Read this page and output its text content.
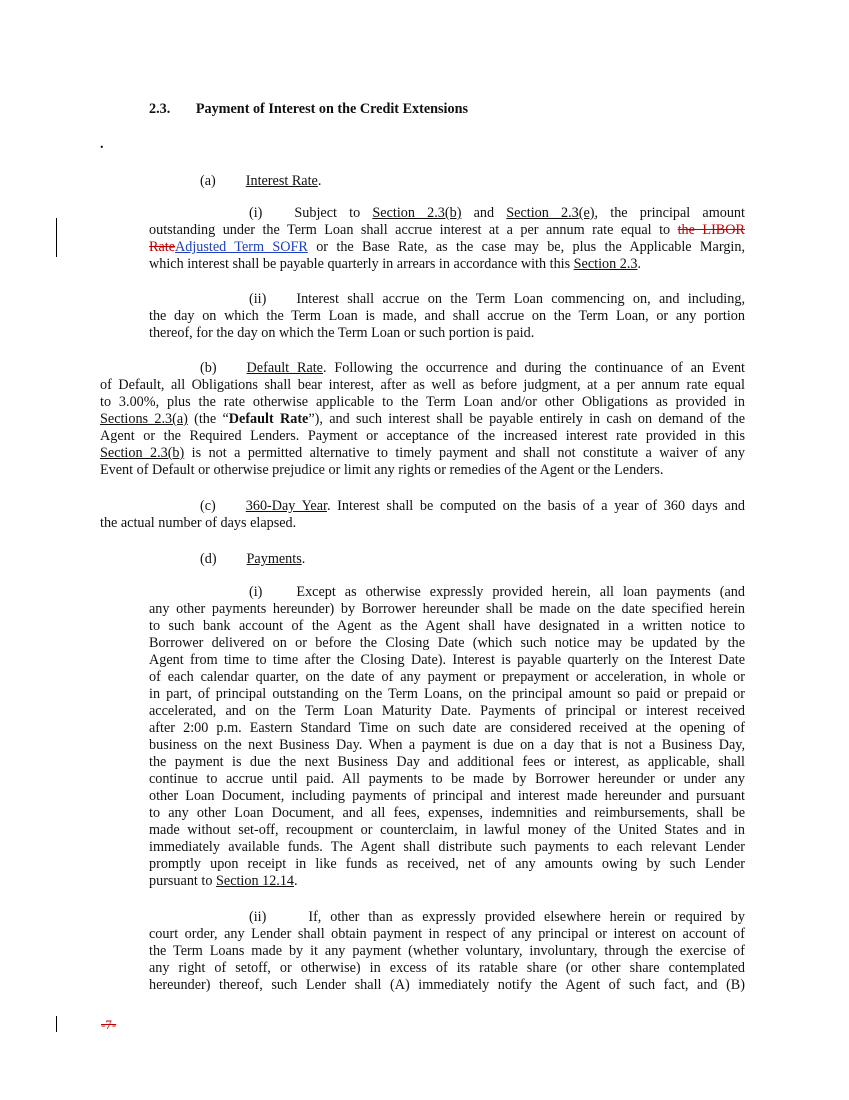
2.3. Payment of Interest on the Credit Extensions
.
(a) Interest Rate.
(i) Subject to Section 2.3(b) and Section 2.3(e), the principal amount
outstanding under the Term Loan shall accrue interest at a per annum rate equal to the LIBOR
RateAdjusted Term SOFR or the Base Rate, as the case may be, plus the Applicable Margin,
which interest shall be payable quarterly in arrears in accordance with this Section 2.3.
(ii) Interest shall accrue on the Term Loan commencing on, and including,
the day on which the Term Loan is made, and shall accrue on the Term Loan, or any portion
thereof, for the day on which the Term Loan or such portion is paid.
(b) Default Rate. Following the occurrence and during the continuance of an Event
of Default, all Obligations shall bear interest, after as well as before judgment, at a per annum rate equal
to 3.00%, plus the rate otherwise applicable to the Term Loan and/or other Obligations as provided in
Sections 2.3(a) (the “Default Rate”), and such interest shall be payable entirely in cash on demand of the
Agent or the Required Lenders. Payment or acceptance of the increased interest rate provided in this
Section 2.3(b) is not a permitted alternative to timely payment and shall not constitute a waiver of any
Event of Default or otherwise prejudice or limit any rights or remedies of the Agent or the Lenders.
(c) 360-Day Year. Interest shall be computed on the basis of a year of 360 days and
the actual number of days elapsed.
(d) Payments.
(i) Except as otherwise expressly provided herein, all loan payments (and
any other payments hereunder) by Borrower hereunder shall be made on the date specified herein
to such bank account of the Agent as the Agent shall have designated in a written notice to
Borrower delivered on or before the Closing Date (which such notice may be updated by the
Agent from time to time after the Closing Date). Interest is payable quarterly on the Interest Date
of each calendar quarter, on the date of any payment or prepayment or acceleration, in whole or
in part, of principal outstanding on the Term Loans, on the principal amount so paid or prepaid or
accelerated, and on the Term Loan Maturity Date. Payments of principal or interest received
after 2:00 p.m. Eastern Standard Time on such date are considered received at the opening of
business on the next Business Day. When a payment is due on a day that is not a Business Day,
the payment is due the next Business Day and additional fees or interest, as applicable, shall
continue to accrue until paid. All payments to be made by Borrower hereunder or under any
other Loan Document, including payments of principal and interest made hereunder and pursuant
to any other Loan Document, and all fees, expenses, indemnities and reimbursements, shall be
made without set-off, recoupment or counterclaim, in lawful money of the United States and in
immediately available funds. The Agent shall distribute such payments to each relevant Lender
promptly upon receipt in like funds as received, net of any amounts owing by such Lender
pursuant to Section 12.14.
(ii)	If, other than as expressly provided elsewhere herein or required by
court order, any Lender shall obtain payment in respect of any principal or interest on account of
the Term Loans made by it any payment (whether voluntary, involuntary, through the exercise of
any right of setoff, or otherwise) in excess of its ratable share (or other share contemplated
hereunder) thereof, such Lender shall (A) immediately notify the Agent of such fact, and (B)
-7-
